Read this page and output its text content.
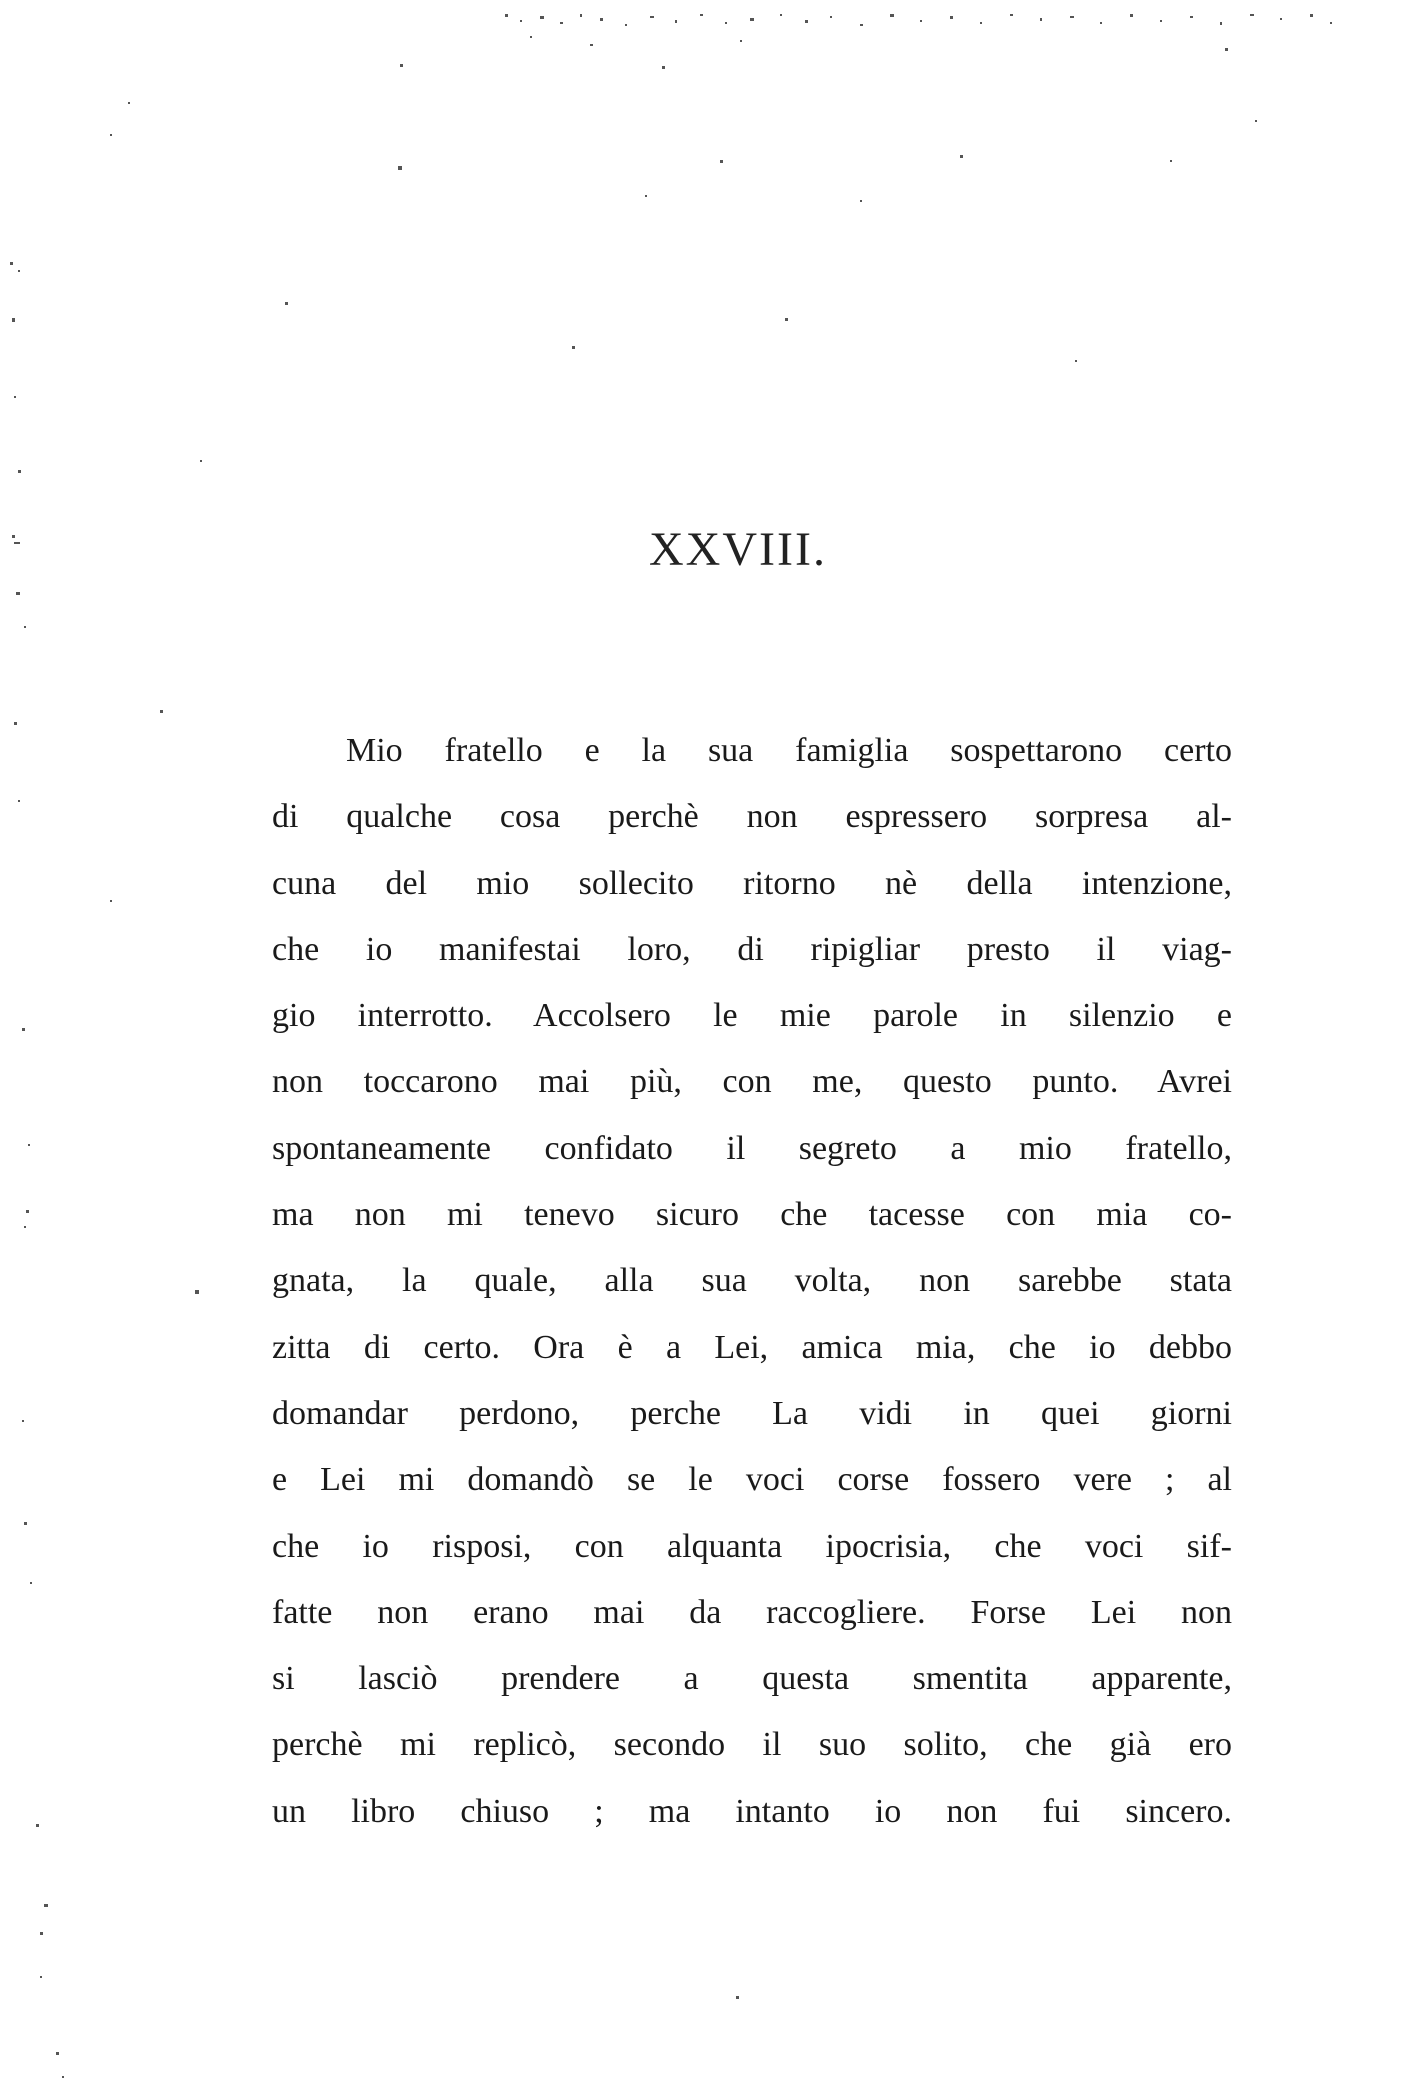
XXVIII.
Mio fratello e la sua famiglia sospettarono certo
di qualche cosa perchè non espressero sorpresa al-
cuna del mio sollecito ritorno nè della intenzione,
che io manifestai loro, di ripigliar presto il viag-
gio interrotto. Accolsero le mie parole in silenzio e
non toccarono mai più, con me, questo punto. Avrei
spontaneamente confidato il segreto a mio fratello,
ma non mi tenevo sicuro che tacesse con mia co-
gnata, la quale, alla sua volta, non sarebbe stata
zitta di certo. Ora è a Lei, amica mia, che io debbo
domandar perdono, perche La vidi in quei giorni
e Lei mi domandò se le voci corse fossero vere ; al
che io risposi, con alquanta ipocrisia, che voci sif-
fatte non erano mai da raccogliere. Forse Lei non
si lasciò prendere a questa smentita apparente,
perchè mi replicò, secondo il suo solito, che già ero
un libro chiuso ; ma intanto io non fui sincero.
